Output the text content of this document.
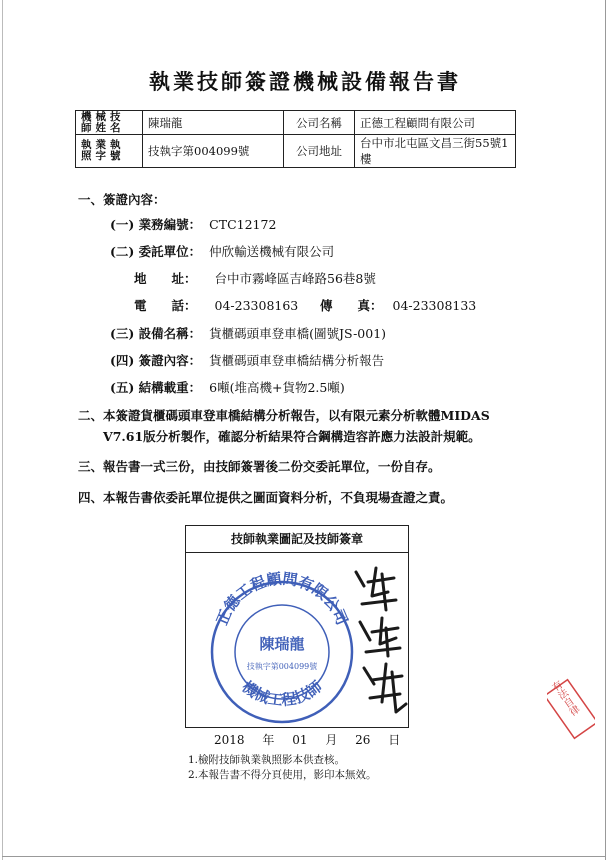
執業技師簽證機械設備報告書
機械技師姓名	陳瑞龍	公司名稱	正德工程顧問有限公司
執業執照字號	技執字第004099號	公司地址	台中市北屯區文昌三街55號1樓
一、簽證內容：
(一) 業務編號： CTC12172
(二) 委託單位： 仲欣輸送機械有限公司
地　　址： 台中市霧峰區吉峰路56巷8號
電　　話： 04-23308163 傳　　真： 04-23308133
(三) 設備名稱： 貨櫃碼頭車登車橋(圖號JS-001)
(四) 簽證內容： 貨櫃碼頭車登車橋結構分析報告
(五) 結構載重： 6噸(堆高機+貨物2.5噸)
二、本簽證貨櫃碼頭車登車橋結構分析報告，以有限元素分析軟體MIDAS
V7.61版分析製作，確認分析結果符合鋼構造容許應力法設計規範。
三、報告書一式三份，由技師簽署後二份交委託單位，一份自存。
四、本報告書依委託單位提供之圖面資料分析，不負現場查證之責。
技師執業圖記及技師簽章
正德工程顧問有限公司
陳瑞龍
技執字第004099號
機械工程技師	有法自律
2018 年 01 月 26 日
1.檢附技師執業執照影本供查核。
2.本報告書不得分頁使用，影印本無效。
